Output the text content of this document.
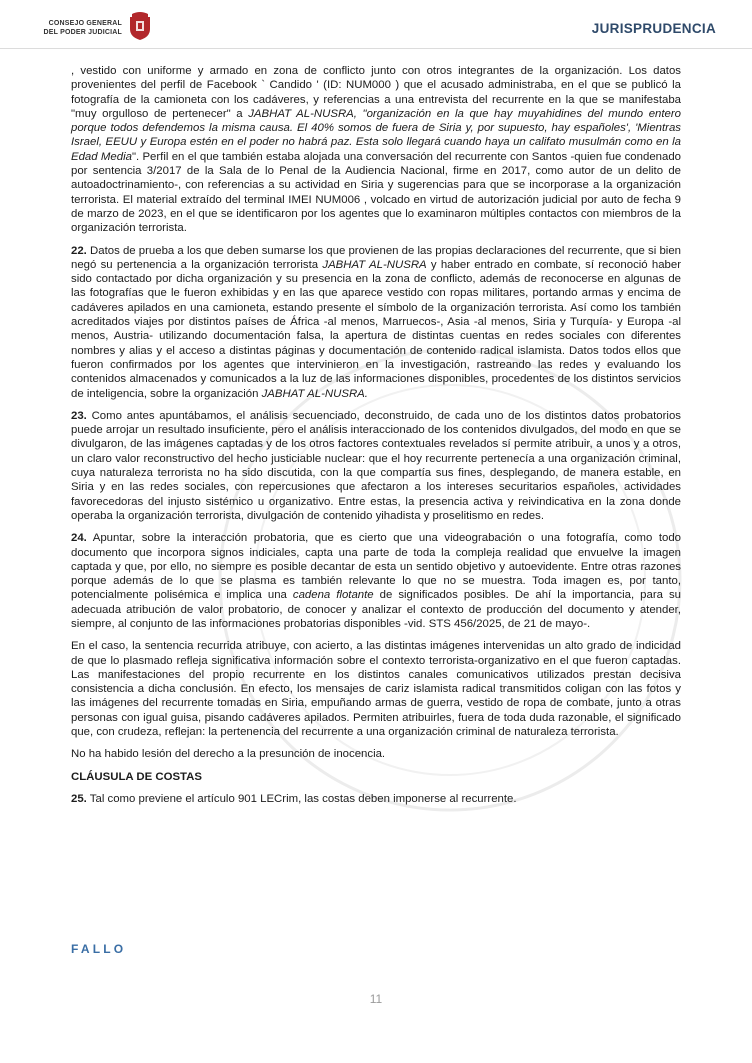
CONSEJO GENERAL
DEL PODER JUDICIAL	JURISPRUDENCIA

, vestido con uniforme y armado en zona de conflicto junto con otros integrantes de la organización. Los datos provenientes del perfil de Facebook ` Candido ' (ID: NUM000 ) que el acusado administraba, en el que se publicó la fotografía de la camioneta con los cadáveres, y referencias a una entrevista del recurrente en la que se manifestaba "muy orgulloso de pertenecer" a JABHAT AL-NUSRA, "organización en la que hay muyahidines del mundo entero porque todos defendemos la misma causa. El 40% somos de fuera de Siria y, por supuesto, hay españoles', 'Mientras Israel, EEUU y Europa estén en el poder no habrá paz. Esta solo llegará cuando haya un califato musulmán como en la Edad Media". Perfil en el que también estaba alojada una conversación del recurrente con Santos -quien fue condenado por sentencia 3/2017 de la Sala de lo Penal de la Audiencia Nacional, firme en 2017, como autor de un delito de autoadoctrinamiento-, con referencias a su actividad en Siria y sugerencias para que se incorporase a la organización terrorista. El material extraído del terminal IMEI NUM006 , volcado en virtud de autorización judicial por auto de fecha 9 de marzo de 2023, en el que se identificaron por los agentes que lo examinaron múltiples contactos con miembros de la organización terrorista.

22. Datos de prueba a los que deben sumarse los que provienen de las propias declaraciones del recurrente, que si bien negó su pertenencia a la organización terrorista JABHAT AL-NUSRA y haber entrado en combate, sí reconoció haber sido contactado por dicha organización y su presencia en la zona de conflicto, además de reconocerse en algunas de las fotografías que le fueron exhibidas y en las que aparece vestido con ropas militares, portando armas y encima de cadáveres apilados en una camioneta, estando presente el símbolo de la organización terrorista. Así como los también acreditados viajes por distintos países de África -al menos, Marruecos-, Asia -al menos, Siria y Turquía- y Europa -al menos, Austria- utilizando documentación falsa, la apertura de distintas cuentas en redes sociales con diferentes nombres y alias y el acceso a distintas páginas y documentación de contenido radical islamista. Datos todos ellos que fueron confirmados por los agentes que intervinieron en la investigación, rastreando las redes y evaluando los contenidos almacenados y comunicados a la luz de las informaciones disponibles, procedentes de los distintos servicios de inteligencia, sobre la organización JABHAT AL-NUSRA.

23. Como antes apuntábamos, el análisis secuenciado, deconstruido, de cada uno de los distintos datos probatorios puede arrojar un resultado insuficiente, pero el análisis interaccionado de los contenidos divulgados, del modo en que se divulgaron, de las imágenes captadas y de los otros factores contextuales revelados sí permite atribuir, a unos y a otros, un claro valor reconstructivo del hecho justiciable nuclear: que el hoy recurrente pertenecía a una organización criminal, cuya naturaleza terrorista no ha sido discutida, con la que compartía sus fines, desplegando, de manera estable, en Siria y en las redes sociales, con repercusiones que afectaron a los intereses securitarios españoles, actividades favorecedoras del injusto sistémico u organizativo. Entre estas, la presencia activa y reivindicativa en la zona donde operaba la organización terrorista, divulgación de contenido yihadista y proselitismo en redes.

24. Apuntar, sobre la interacción probatoria, que es cierto que una videograbación o una fotografía, como todo documento que incorpora signos indiciales, capta una parte de toda la compleja realidad que envuelve la imagen captada y que, por ello, no siempre es posible decantar de esta un sentido objetivo y autoevidente. Entre otras razones porque además de lo que se plasma es también relevante lo que no se muestra. Toda imagen es, por tanto, potencialmente polisémica e implica una cadena flotante de significados posibles. De ahí la importancia, para su adecuada atribución de valor probatorio, de conocer y analizar el contexto de producción del documento y atender, siempre, al conjunto de las informaciones probatorias disponibles -vid. STS 456/2025, de 21 de mayo-.

En el caso, la sentencia recurrida atribuye, con acierto, a las distintas imágenes intervenidas un alto grado de indicidad de que lo plasmado refleja significativa información sobre el contexto terrorista-organizativo en el que fueron captadas. Las manifestaciones del propio recurrente en los distintos canales comunicativos utilizados prestan decisiva consistencia a dicha conclusión. En efecto, los mensajes de cariz islamista radical transmitidos coligan con las fotos y las imágenes del recurrente tomadas en Siria, empuñando armas de guerra, vestido de ropa de combate, junto a otras personas con igual guisa, pisando cadáveres apilados. Permiten atribuirles, fuera de toda duda razonable, el significado que, con crudeza, reflejan: la pertenencia del recurrente a una organización criminal de naturaleza terrorista.

No ha habido lesión del derecho a la presunción de inocencia.

CLÁUSULA DE COSTAS

25. Tal como previene el artículo 901 LECrim, las costas deben imponerse al recurrente.

FALLO
11
